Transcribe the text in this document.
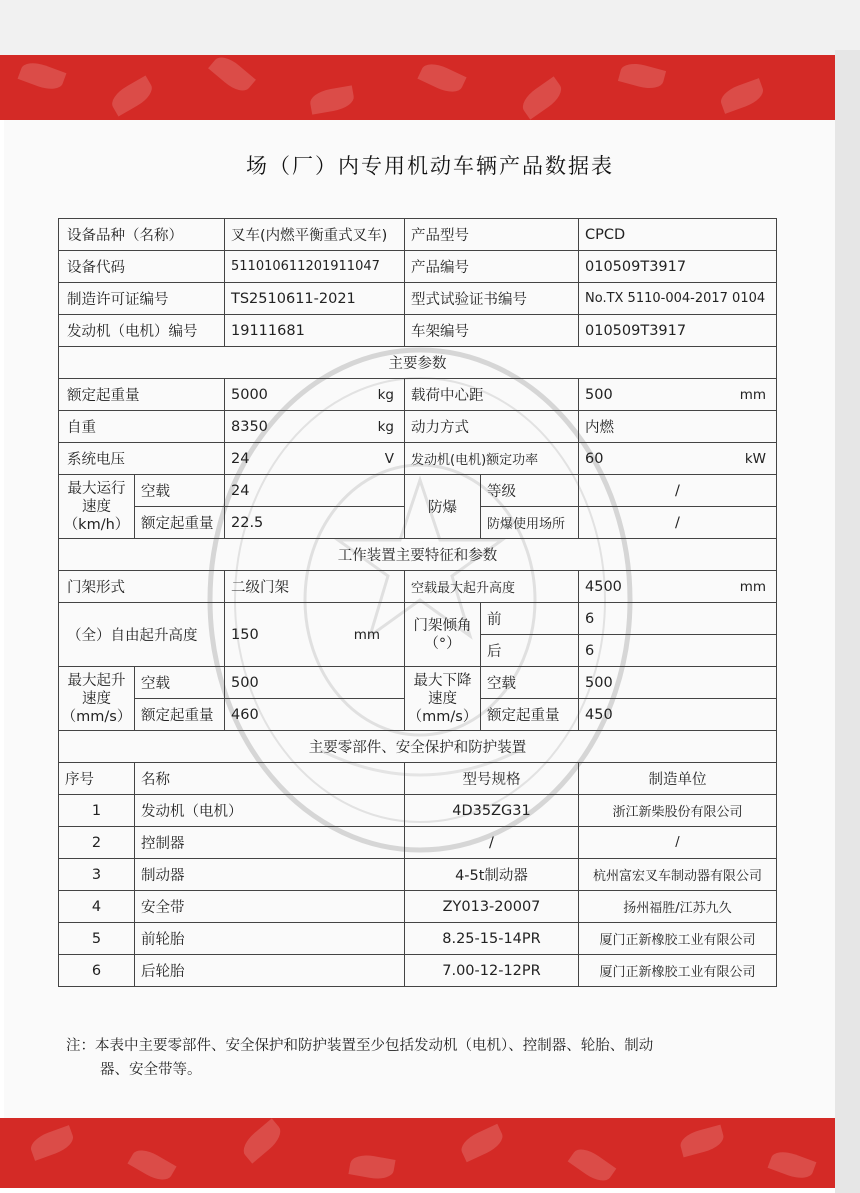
场（厂）内专用机动车辆产品数据表
设备品种（名称）		叉车(内燃平衡重式叉车)	产品型号		CPCD
设备代码		511010611201911047	产品编号		010509T3917
制造许可证编号		TS2510611-2021	型式试验证书编号		No.TX 5110-004-2017 0104
发动机（电机）编号		19111681	车架编号		010509T3917
主要参数					
额定起重量		5000 kg	载荷中心距		500 mm

自重		8350 kg	动力方式		内燃
系统电压		24 V	发动机(电机)额定功率		60 kW

最大运行速度（km/h）	空载	24	防爆	等级	/
	额定起重量	22.5		防爆使用场所	/
工作装置主要特征和参数					
门架形式		二级门架	空载最大起升高度		4500 mm

（全）自由起升高度		150 mm	门架倾角（°）	前	6
				后	6
最大起升速度（mm/s）	空载	500	最大下降速度（mm/s）	空载	500
	额定起重量	460		额定起重量	450
主要零部件、安全保护和防护装置					
序号	名称		型号规格		制造单位
1	发动机（电机）		4D35ZG31		浙江新柴股份有限公司
2	控制器		/		/
3	制动器		4-5t制动器		杭州富宏叉车制动器有限公司
4	安全带		ZY013-20007		扬州福胜/江苏九久
5	前轮胎		8.25-15-14PR		厦门正新橡胶工业有限公司
6	后轮胎		7.00-12-12PR		厦门正新橡胶工业有限公司
注：本表中主要零部件、安全保护和防护装置至少包括发动机（电机）、控制器、轮胎、制动
器、安全带等。
